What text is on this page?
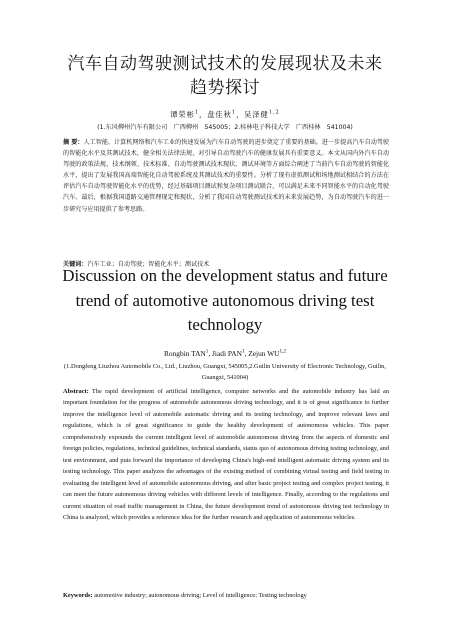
汽车自动驾驶测试技术的发展现状及未来趋势探讨
谭荣彬$^1$，盘佳秋$^1$，吴泽健$^{1,2}$
(1.东风柳州汽车有限公司　广西柳州　545005；2.桂林电子科技大学　广西桂林　541004)
摘 要：人工智能、计算机网络和汽车工业的快速发展为汽车自动驾驶的进步奠定了重要的基础。进一步提高汽车自动驾驶的智能化水平及其测试技术，健全相关法律法规，对引导自动驾驶汽车的健康发展具有重要意义。本文从国内外汽车自动驾驶的政策法规、技术纲领、技术标准、自动驾驶测试技术现状、测试环境等方面综合阐述了当前汽车自动驾驶的智能化水平，提出了发展我国高端智能化自动驾驶系统及其测试技术的重要性。分析了现有虚拟测试和场地测试相结合的方法在评估汽车自动驾驶智能化水平的优势，经过基础项目测试和复杂项目测试联合，可以满足未来不同智能水平的自动化驾驶汽车。最后，根据我国道路交通管理现定和现状，分析了我国自动驾驶测试技术的未来发展趋势，为自动驾驶汽车的进一步研究与应用提供了参考思路。
关键词：汽车工业；自动驾驶；智能化水平；测试技术
Discussion on the development status and future trend of automotive autonomous driving test technology
Rongbin TAN$^1$, Jiadi PAN$^1$, Zejun WU$^{1,2}$
(1.Dongfeng Liuzhou Automobile Co., Ltd., Liuzhou, Guangxi, 545005,2.Guilin University of Electronic Technology, Guilin, Guangxi, 541004)
Abstract: The rapid development of artificial intelligence, computer networks and the automobile industry has laid an important foundation for the progress of automobile autonomous driving technology, and it is of great significance to further improve the intelligence level of automobile automatic driving and its testing technology, and improve relevant laws and regulations, which is of great significance to guide the healthy development of autonomous vehicles. This paper comprehensively expounds the current intelligent level of automobile autonomous driving from the aspects of domestic and foreign policies, regulations, technical guidelines, technical standards, status quo of autonomous driving testing technology, and test environment, and puts forward the importance of developing China's high-end intelligent automatic driving system and its testing technology. This paper analyzes the advantages of the existing method of combining virtual testing and field testing in evaluating the intelligent level of automobile autonomous driving, and after basic project testing and complex project testing, it can meet the future autonomous driving vehicles with different levels of intelligence. Finally, according to the regulations and current situation of road traffic management in China, the future development trend of autonomous driving test technology in China is analyzed, which provides a reference idea for the further research and application of autonomous vehicles.
Keywords: automotive industry; autonomous driving; Level of intelligence; Testing technology
